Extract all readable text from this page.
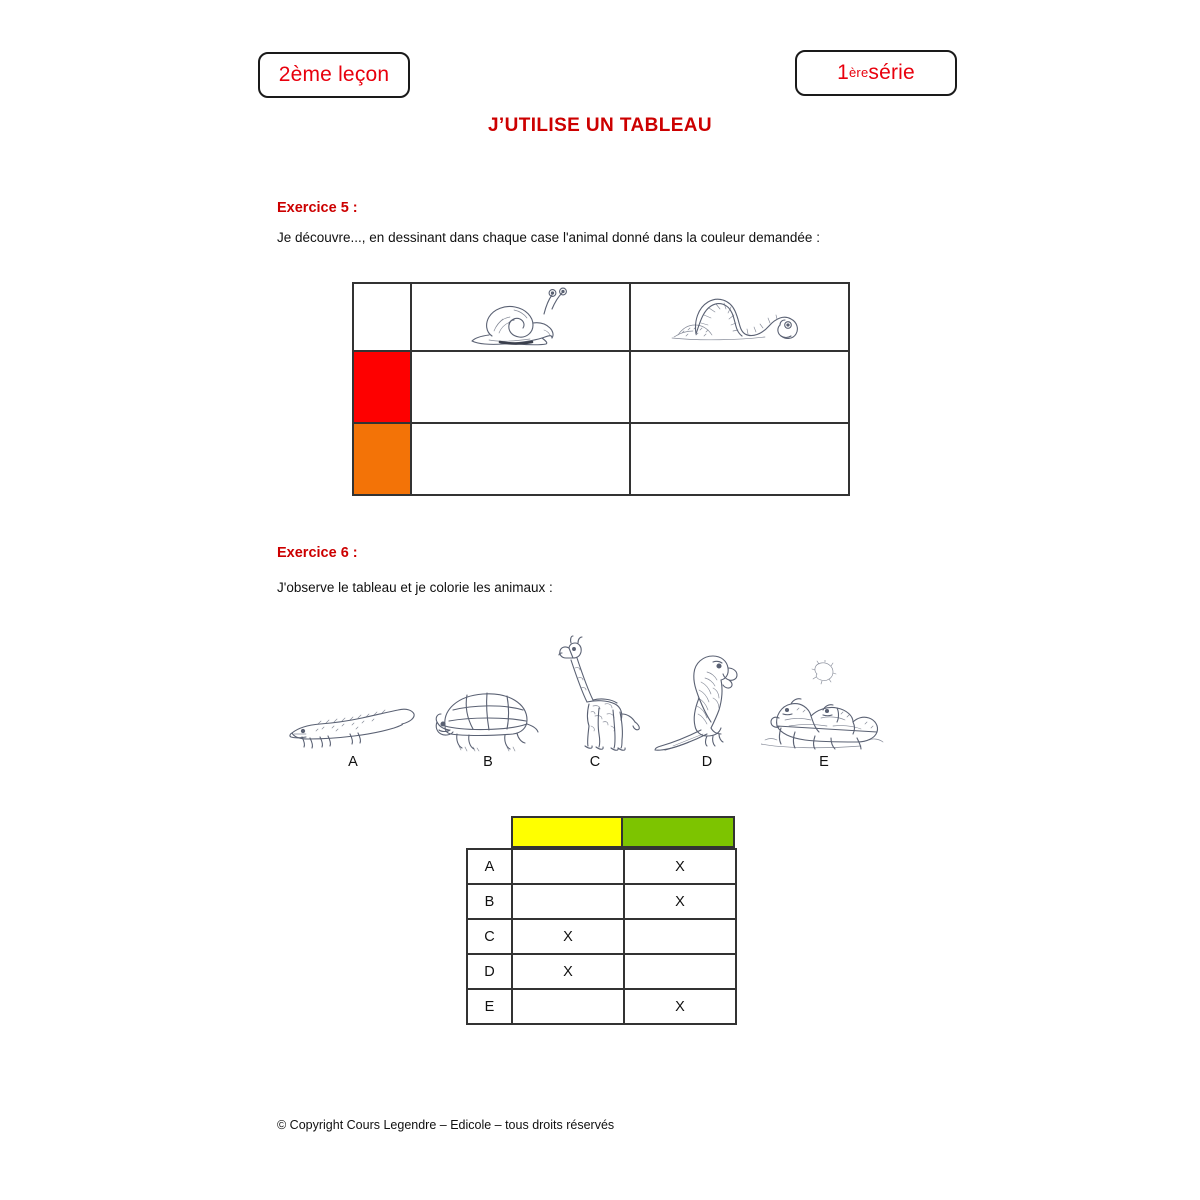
2ème leçon	1 ère série
J’UTILISE UN TABLEAU
Exercice 5 :
Je découvre..., en dessinant dans chaque case l'animal donné dans la couleur demandée :

Exercice 6 :
J'observe le tableau et je colorie les animaux :
A	B	C	D	E
A		X
B		X
C	X	
D	X	
E		X
© Copyright Cours Legendre – Edicole – tous droits réservés
